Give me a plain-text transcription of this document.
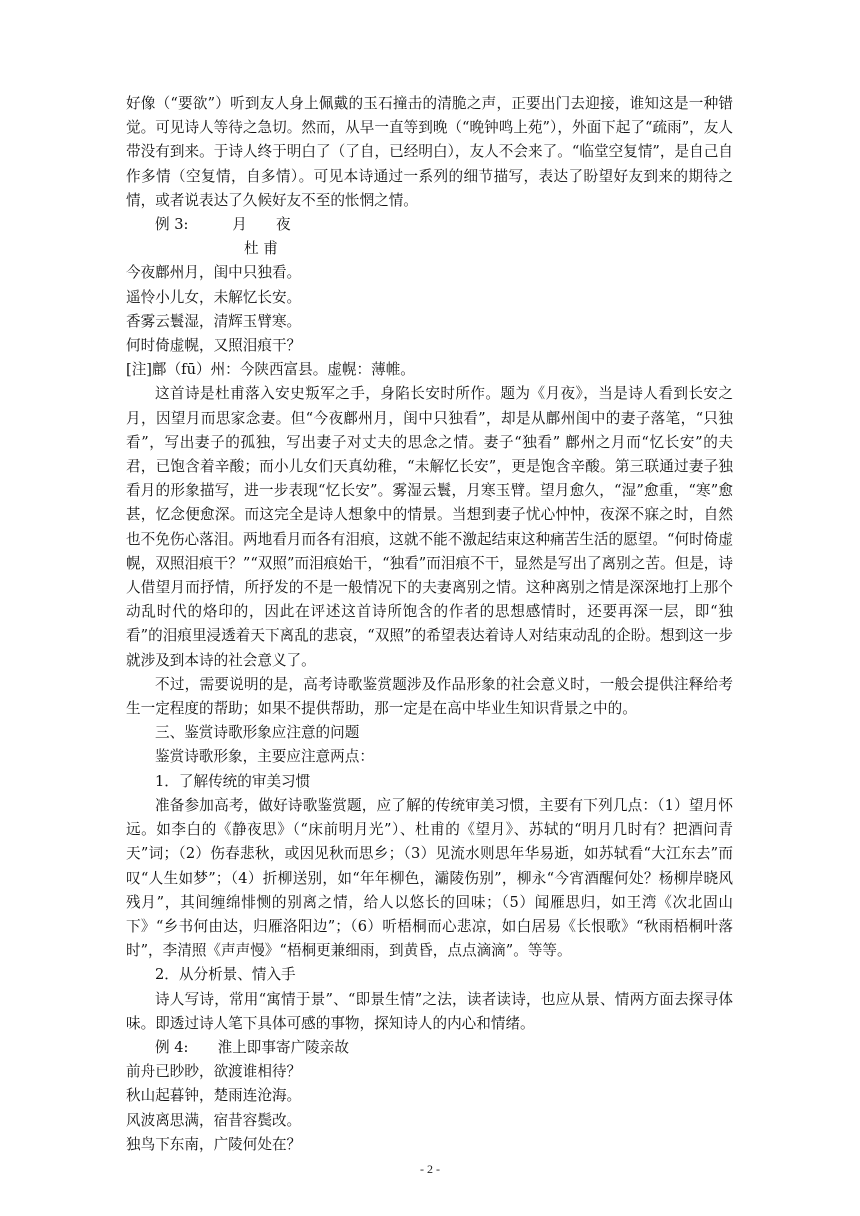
好像（“要欲”）听到友人身上佩戴的玉石撞击的清脆之声，正要出门去迎接，谁知这是一种错觉。可见诗人等待之急切。然而，从早一直等到晚（“晚钟鸣上苑”），外面下起了“疏雨”，友人带没有到来。于诗人终于明白了（了自，已经明白），友人不会来了。“临堂空复情”，是自己自作多情（空复情，自多情）。可见本诗通过一系列的细节描写，表达了盼望好友到来的期待之情，或者说表达了久候好友不至的怅惘之情。

例 3:　　　月　　夜

杜 甫

今夜鄜州月，闺中只独看。

遥怜小儿女，未解忆长安。

香雾云鬟湿，清辉玉臂寒。

何时倚虚幌，又照泪痕干？

[注]鄜（fū）州：今陕西富县。虚幌：薄帷。

这首诗是杜甫落入安史叛军之手，身陷长安时所作。题为《月夜》，当是诗人看到长安之月，因望月而思家念妻。但“今夜鄜州月，闺中只独看”，却是从鄜州闺中的妻子落笔，“只独看”，写出妻子的孤独，写出妻子对丈夫的思念之情。妻子“独看” 鄜州之月而“忆长安”的夫君，已饱含着辛酸；而小儿女们天真幼稚，“未解忆长安”，更是饱含辛酸。第三联通过妻子独看月的形象描写，进一步表现“忆长安”。雾湿云鬟，月寒玉臂。望月愈久，“湿”愈重，“寒”愈甚，忆念便愈深。而这完全是诗人想象中的情景。当想到妻子忧心忡忡，夜深不寐之时，自然也不免伤心落泪。两地看月而各有泪痕，这就不能不激起结束这种痛苦生活的愿望。“何时倚虚幌，双照泪痕干？”“双照”而泪痕始干，“独看”而泪痕不干，显然是写出了离别之苦。但是，诗人借望月而抒情，所抒发的不是一般情况下的夫妻离别之情。这种离别之情是深深地打上那个动乱时代的烙印的，因此在评述这首诗所饱含的作者的思想感情时，还要再深一层，即“独看”的泪痕里浸透着天下离乱的悲哀，“双照”的希望表达着诗人对结束动乱的企盼。想到这一步就涉及到本诗的社会意义了。

不过，需要说明的是，高考诗歌鉴赏题涉及作品形象的社会意义时，一般会提供注释给考生一定程度的帮助；如果不提供帮助，那一定是在高中毕业生知识背景之中的。

三、鉴赏诗歌形象应注意的问题

鉴赏诗歌形象，主要应注意两点：

1．了解传统的审美习惯

准备参加高考，做好诗歌鉴赏题，应了解的传统审美习惯，主要有下列几点：（1）望月怀远。如李白的《静夜思》（“床前明月光”）、杜甫的《望月》、苏轼的“明月几时有？把酒问青天”词；（2）伤春悲秋，或因见秋而思乡；（3）见流水则思年华易逝，如苏轼看“大江东去”而叹“人生如梦”；（4）折柳送别，如“年年柳色，灞陵伤别”，柳永“今宵酒醒何处？杨柳岸晓风残月”，其间缠绵悱恻的别离之情，给人以悠长的回味；（5）闻雁思归，如王湾《次北固山下》“乡书何由达，归雁洛阳边”；（6）听梧桐而心悲凉，如白居易《长恨歌》“秋雨梧桐叶落时”，李清照《声声慢》“梧桐更兼细雨，到黄昏，点点滴滴”。等等。

2．从分析景、情入手

诗人写诗，常用“寓情于景”、“即景生情”之法，读者读诗，也应从景、情两方面去探寻体味。即透过诗人笔下具体可感的事物，探知诗人的内心和情绪。

例 4:　　淮上即事寄广陵亲故

前舟已眇眇，欲渡谁相待？

秋山起暮钟，楚雨连沧海。

风波离思满，宿昔容鬓改。

独鸟下东南，广陵何处在？

- 2 -
